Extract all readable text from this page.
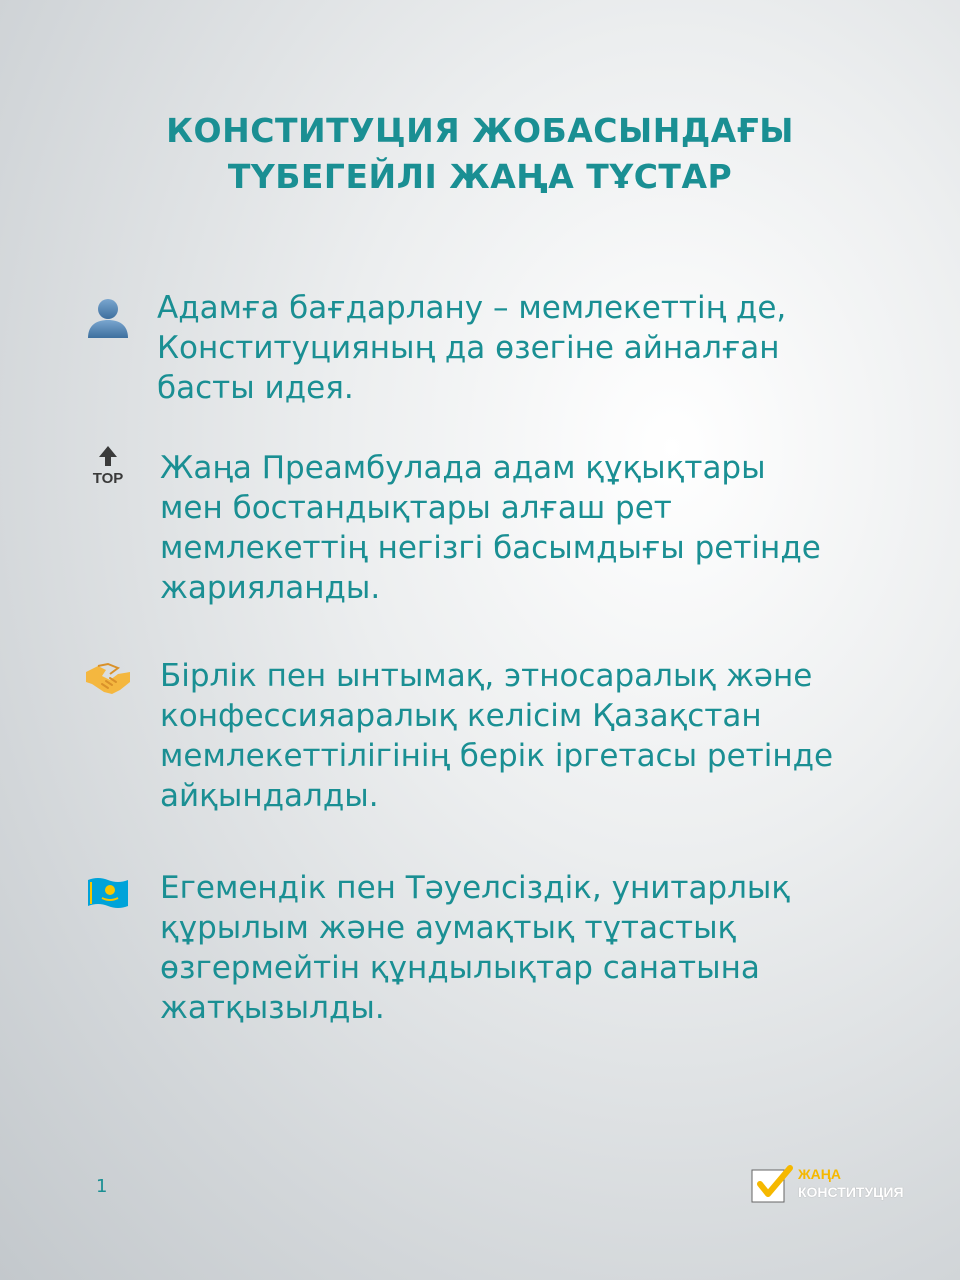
КОНСТИТУЦИЯ ЖОБАСЫНДАҒЫ
ТҮБЕГЕЙЛІ ЖАҢА ТҰСТАР
Адамға бағдарлану – мемлекеттің де,
Конституцияның да өзегіне айналған
басты идея.
TOP Жаңа Преамбулада адам құқықтары
мен бостандықтары алғаш рет
мемлекеттің негізгі басымдығы ретінде
жарияланды.
Бірлік пен ынтымақ, этносаралық және
конфессияаралық келісім Қазақстан
мемлекеттілігінің берік іргетасы ретінде
айқындалды.
Егемендік пен Тәуелсіздік, унитарлық
құрылым және аумақтық тұтастық
өзгермейтін құндылықтар санатына
жатқызылды.
1
ЖАҢА
КОНСТИТУЦИЯ
